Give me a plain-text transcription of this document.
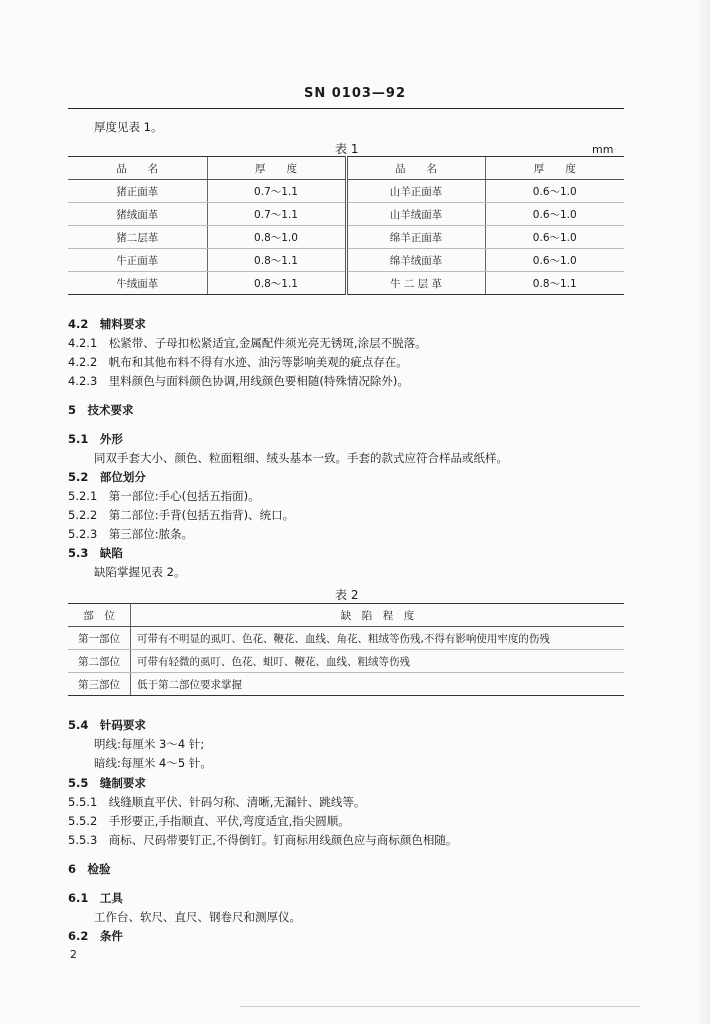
SN 0103—92
厚度见表 1。
表 1	mm
品　　名	厚　　度	品　　名	厚　　度
猪正面革	0.7～1.1	山羊正面革	0.6～1.0
猪绒面革	0.7～1.1	山羊绒面革	0.6～1.0
猪二层革	0.8～1.0	绵羊正面革	0.6～1.0
牛正面革	0.8～1.1	绵羊绒面革	0.6～1.0
牛绒面革	0.8～1.1	牛 二 层 革	0.8～1.1
4.2　辅料要求
4.2.1　松紧带、子母扣松紧适宜,金属配件须光亮无锈斑,涂层不脱落。
4.2.2　帆布和其他布料不得有水迹、油污等影响美观的疵点存在。
4.2.3　里料颜色与面料颜色协调,用线颜色要相随(特殊情况除外)。
5　技术要求
5.1　外形
同双手套大小、颜色、粒面粗细、绒头基本一致。手套的款式应符合样品或纸样。
5.2　部位划分
5.2.1　第一部位:手心(包括五指面)。
5.2.2　第二部位:手背(包括五指背)、统口。
5.2.3　第三部位:脓条。
5.3　缺陷
缺陷掌握见表 2。
表 2
部　位	缺　陷　程　度
第一部位	可带有不明显的虱叮、色花、鞭花、血线、角花、粗绒等伤残,不得有影响使用牢度的伤残
第二部位	可带有轻微的虱叮、色花、蛆叮、鞭花、血线、粗绒等伤残
第三部位	低于第二部位要求掌握
5.4　针码要求
明线:每厘米 3～4 针;
暗线:每厘米 4～5 针。
5.5　缝制要求
5.5.1　线缝顺直平伏、针码匀称、清晰,无漏针、跳线等。
5.5.2　手形要正,手指顺直、平伏,弯度适宜,指尖圆顺。
5.5.3　商标、尺码带要钉正,不得倒钉。钉商标用线颜色应与商标颜色相随。
6　检验
6.1　工具
工作台、软尺、直尺、钢卷尺和测厚仪。
6.2　条件
2
